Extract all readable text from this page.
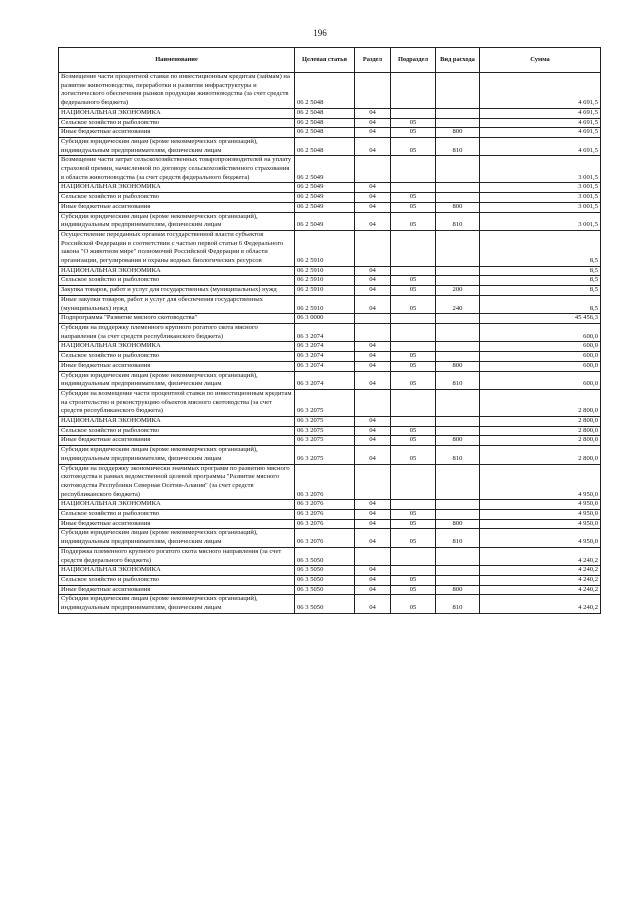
196
Наименование	Целевая статья	Раздел	Подраздел	Вид расхода	Сумма
Возмещение части процентной ставки по инвестиционным кредитам (займам) на развитие животноводства, переработки и развития инфраструктуры и логистического обеспечения рынков продукции животноводства (за счет средств федерального бюджета)	06 2 5048				4 691,5
НАЦИОНАЛЬНАЯ ЭКОНОМИКА	06 2 5048	04			4 691,5
Сельское хозяйство и рыболовство	06 2 5048	04	05		4 691,5
Иные бюджетные ассигнования	06 2 5048	04	05	800	4 691,5
Субсидии юридическим лицам (кроме некоммерческих организаций), индивидуальным предпринимателям, физическим лицам	06 2 5048	04	05	810	4 691,5
Возмещение части затрат сельскохозяйственных товаропроизводителей на уплату страховой премии, начисленной по договору сельскохозяйственного страхования в области животноводства (за счет средств федерального бюджета)	06 2 5049				3 001,5
НАЦИОНАЛЬНАЯ ЭКОНОМИКА	06 2 5049	04			3 001,5
Сельское хозяйство и рыболовство	06 2 5049	04	05		3 001,5
Иные бюджетные ассигнования	06 2 5049	04	05	800	3 001,5
Субсидии юридическим лицам (кроме некоммерческих организаций), индивидуальным предпринимателям, физическим лицам	06 2 5049	04	05	810	3 001,5
Осуществление переданных органам государственной власти субъектов Российской Федерации в соответствии с частью первой статьи 6 Федерального закона "О животном мире" полномочий Российской Федерации в области организации, регулирования и охраны водных биологических ресурсов	06 2 5910				8,5
НАЦИОНАЛЬНАЯ ЭКОНОМИКА	06 2 5910	04			8,5
Сельское хозяйство и рыболовство	06 2 5910	04	05		8,5
Закупка товаров, работ и услуг для государственных (муниципальных) нужд	06 2 5910	04	05	200	8,5
Иные закупки товаров, работ и услуг для обеспечения государственных (муниципальных) нужд	06 2 5910	04	05	240	8,5
Подпрограмма "Развитие мясного скотоводства"	06 3 0000				45 456,3
Субсидии на поддержку племенного крупного рогатого скота мясного направления (за счет средств республиканского бюджета)	06 3 2074				600,0
НАЦИОНАЛЬНАЯ ЭКОНОМИКА	06 3 2074	04			600,0
Сельское хозяйство и рыболовство	06 3 2074	04	05		600,0
Иные бюджетные ассигнования	06 3 2074	04	05	800	600,0
Субсидии юридическим лицам (кроме некоммерческих организаций), индивидуальным предпринимателям, физическим лицам	06 3 2074	04	05	810	600,0
Субсидии на возмещение части процентной ставки по инвестиционным кредитам на строительство и реконструкцию объектов мясного скотоводства (за счет средств республиканского бюджета)	06 3 2075				2 800,0
НАЦИОНАЛЬНАЯ ЭКОНОМИКА	06 3 2075	04			2 800,0
Сельское хозяйство и рыболовство	06 3 2075	04	05		2 800,0
Иные бюджетные ассигнования	06 3 2075	04	05	800	2 800,0
Субсидии юридическим лицам (кроме некоммерческих организаций), индивидуальным предпринимателям, физическим лицам	06 3 2075	04	05	810	2 800,0
Субсидии на поддержку экономически значимых программ по развитию мясного скотоводства в рамках ведомственной целевой программы "Развитие мясного скотоводства Республики Северная Осетия-Алания" (за счет средств республиканского бюджета)	06 3 2076				4 950,0
НАЦИОНАЛЬНАЯ ЭКОНОМИКА	06 3 2076	04			4 950,0
Сельское хозяйство и рыболовство	06 3 2076	04	05		4 950,0
Иные бюджетные ассигнования	06 3 2076	04	05	800	4 950,0
Субсидии юридическим лицам (кроме некоммерческих организаций), индивидуальным предпринимателям, физическим лицам	06 3 2076	04	05	810	4 950,0
Поддержка племенного крупного рогатого скота мясного направления (за счет средств федерального бюджета)	06 3 5050				4 240,2
НАЦИОНАЛЬНАЯ ЭКОНОМИКА	06 3 5050	04			4 240,2
Сельское хозяйство и рыболовство	06 3 5050	04	05		4 240,2
Иные бюджетные ассигнования	06 3 5050	04	05	800	4 240,2
Субсидии юридическим лицам (кроме некоммерческих организаций), индивидуальным предпринимателям, физическим лицам	06 3 5050	04	05	810	4 240,2
